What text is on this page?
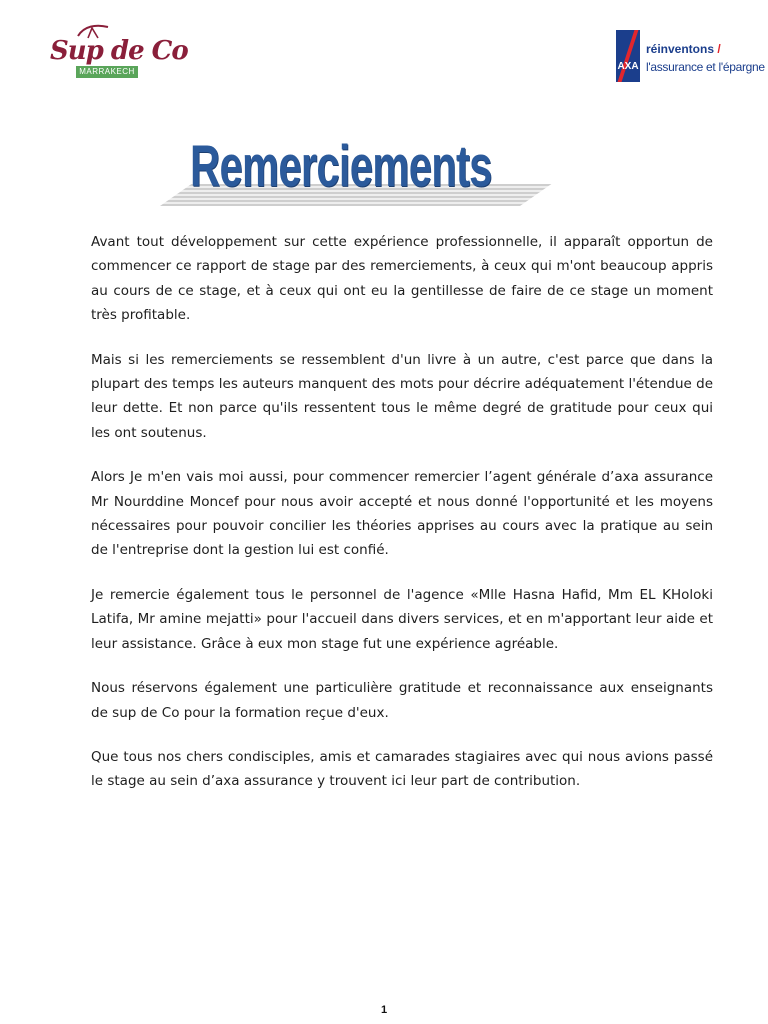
Sup de Co
MARRAKECH	AXA
réinventons /
l'assurance et l'épargne
Remerciements

Avant tout développement sur cette expérience professionnelle, il apparaît opportun de commencer ce rapport de stage par des remerciements, à ceux qui m'ont beaucoup appris au cours de ce stage, et à ceux qui ont eu la gentillesse de faire de ce stage un moment très profitable.

Mais si les remerciements se ressemblent d'un livre à un autre, c'est parce que dans la plupart des temps les auteurs manquent des mots pour décrire adéquatement l'étendue de leur dette. Et non parce qu'ils ressentent tous le même degré de gratitude pour ceux qui les ont soutenus.

Alors Je m'en vais moi aussi, pour commencer remercier l’agent générale d’axa assurance Mr Nourddine Moncef pour nous avoir accepté et nous donné l'opportunité et les moyens nécessaires pour pouvoir concilier les théories apprises au cours avec la pratique au sein de l'entreprise dont la gestion lui est confié.

Je remercie également tous le personnel de l'agence «Mlle Hasna Hafid, Mm EL KHoloki Latifa, Mr amine mejatti» pour l'accueil dans divers services, et en m'apportant leur aide et leur assistance. Grâce à eux mon stage fut une expérience agréable.

Nous réservons également une particulière gratitude et reconnaissance aux enseignants de sup de Co pour la formation reçue d'eux.

Que tous nos chers condisciples, amis et camarades stagiaires avec qui nous avions passé le stage au sein d’axa assurance y trouvent ici leur part de contribution.

1
